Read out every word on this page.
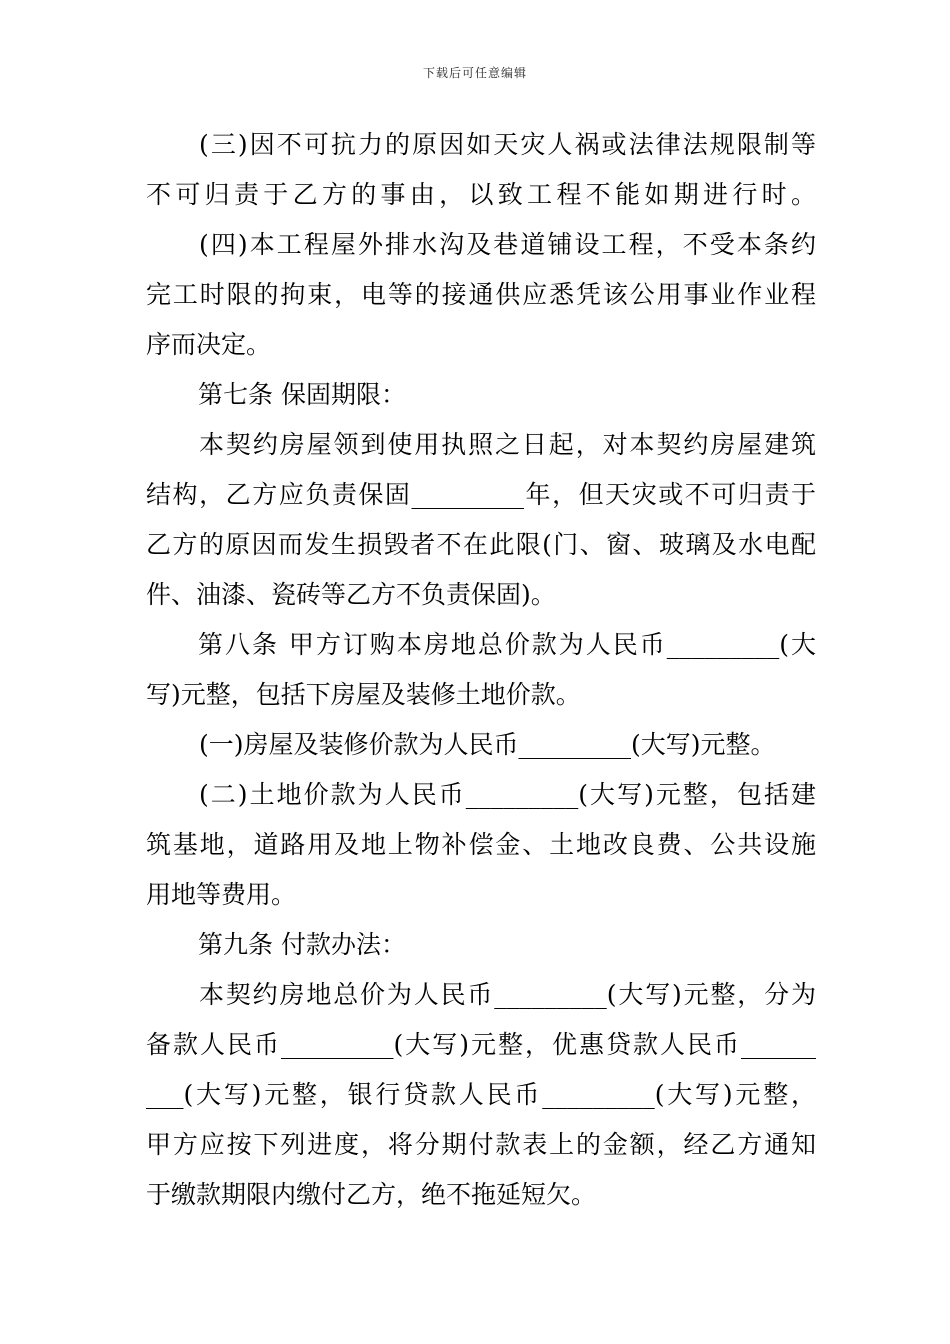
下载后可任意编辑
(三)因不可抗力的原因如天灾人祸或法律法规限制等
不可归责于乙方的事由，以致工程不能如期进行时。
(四)本工程屋外排水沟及巷道铺设工程，不受本条约
完工时限的拘束，电等的接通供应悉凭该公用事业作业程
序而决定。
第七条 保固期限：
本契约房屋领到使用执照之日起，对本契约房屋建筑
结构，乙方应负责保固_________年，但天灾或不可归责于
乙方的原因而发生损毁者不在此限(门、窗、玻璃及水电配
件、油漆、瓷砖等乙方不负责保固)。
第八条 甲方订购本房地总价款为人民币_________(大
写)元整，包括下房屋及装修土地价款。
(一)房屋及装修价款为人民币_________(大写)元整。
(二)土地价款为人民币_________(大写)元整，包括建
筑基地，道路用及地上物补偿金、土地改良费、公共设施
用地等费用。
第九条 付款办法：
本契约房地总价为人民币_________(大写)元整，分为
备款人民币_________(大写)元整，优惠贷款人民币______
___(大写)元整，银行贷款人民币_________(大写)元整，
甲方应按下列进度，将分期付款表上的金额，经乙方通知
于缴款期限内缴付乙方，绝不拖延短欠。
